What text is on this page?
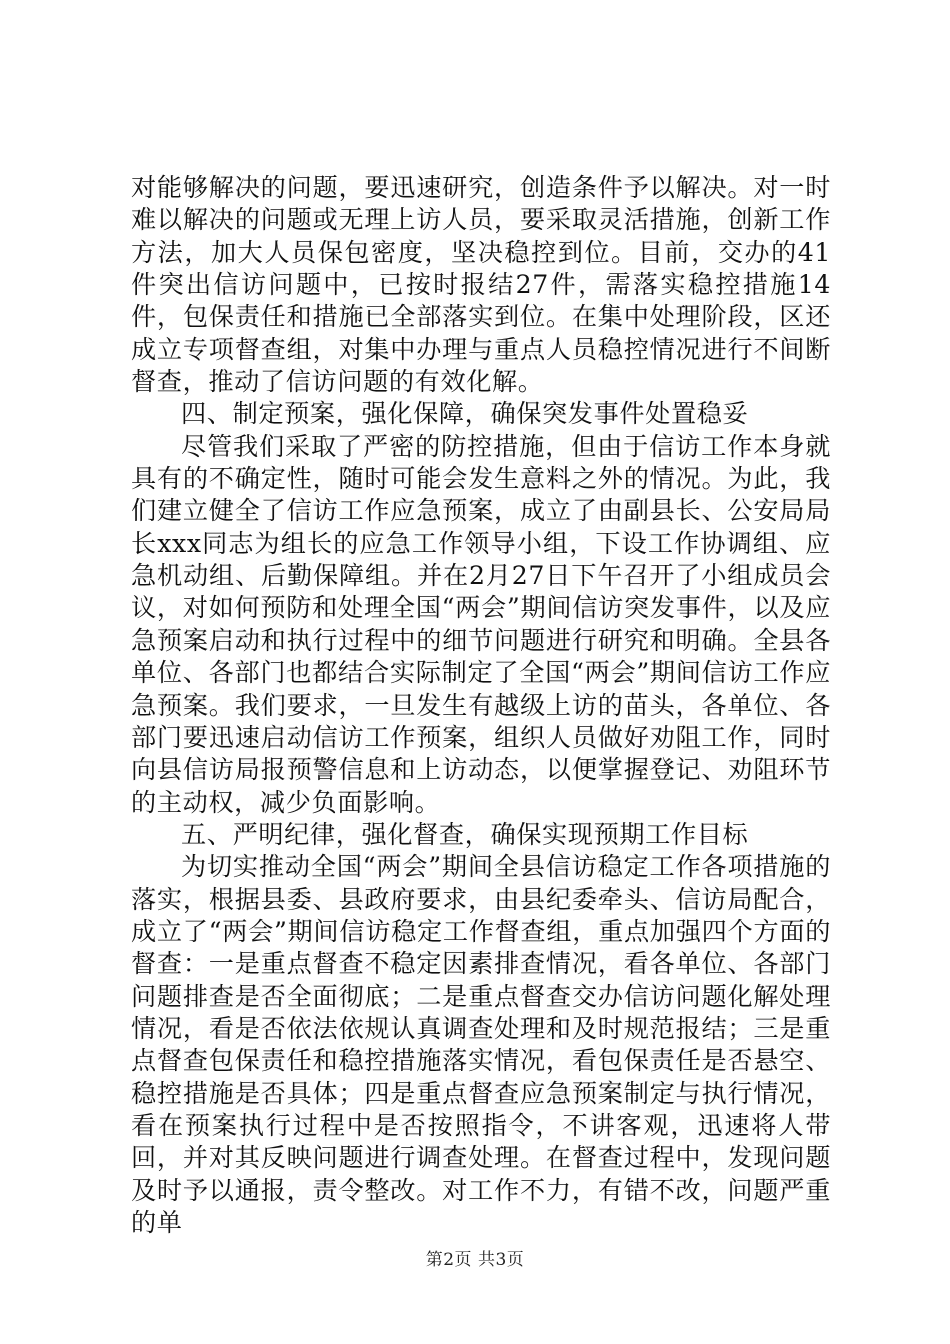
对能够解决的问题，要迅速研究，创造条件予以解决。对一时难以解决的问题或无理上访人员，要采取灵活措施，创新工作方法，加大人员保包密度，坚决稳控到位。目前，交办的41件突出信访问题中，已按时报结27件，需落实稳控措施14件，包保责任和措施已全部落实到位。在集中处理阶段，区还成立专项督查组，对集中办理与重点人员稳控情况进行不间断督查，推动了信访问题的有效化解。

四、制定预案，强化保障，确保突发事件处置稳妥

尽管我们采取了严密的防控措施，但由于信访工作本身就具有的不确定性，随时可能会发生意料之外的情况。为此，我们建立健全了信访工作应急预案，成立了由副县长、公安局局长xxx同志为组长的应急工作领导小组，下设工作协调组、应急机动组、后勤保障组。并在2月27日下午召开了小组成员会议，对如何预防和处理全国“两会”期间信访突发事件，以及应急预案启动和执行过程中的细节问题进行研究和明确。全县各单位、各部门也都结合实际制定了全国“两会”期间信访工作应急预案。我们要求，一旦发生有越级上访的苗头，各单位、各部门要迅速启动信访工作预案，组织人员做好劝阻工作，同时向县信访局报预警信息和上访动态，以便掌握登记、劝阻环节的主动权，减少负面影响。

五、严明纪律，强化督查，确保实现预期工作目标

为切实推动全国“两会”期间全县信访稳定工作各项措施的落实，根据县委、县政府要求，由县纪委牵头、信访局配合，成立了“两会”期间信访稳定工作督查组，重点加强四个方面的督查：一是重点督查不稳定因素排查情况，看各单位、各部门问题排查是否全面彻底；二是重点督查交办信访问题化解处理情况，看是否依法依规认真调查处理和及时规范报结；三是重点督查包保责任和稳控措施落实情况，看包保责任是否悬空、稳控措施是否具体；四是重点督查应急预案制定与执行情况，看在预案执行过程中是否按照指令，不讲客观，迅速将人带回，并对其反映问题进行调查处理。在督查过程中，发现问题及时予以通报，责令整改。对工作不力，有错不改，问题严重的单

第2页 共3页
